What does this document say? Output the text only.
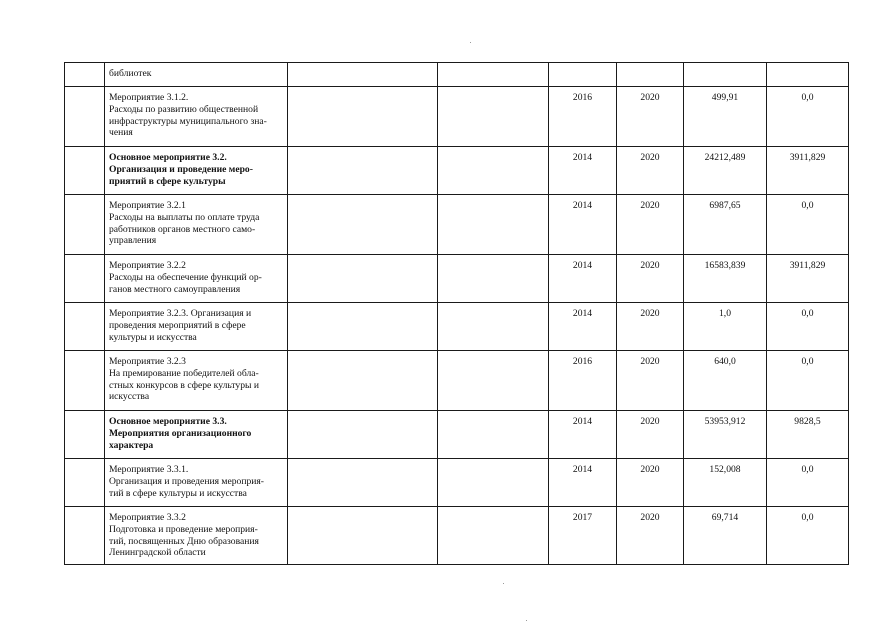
	библиотек						
	Мероприятие 3.1.2.
Расходы по развитию общественной
инфраструктуры муниципального зна-
чения			2016	2020	499,91	0,0
	Основное мероприятие 3.2.
Организация и проведение меро-
приятий в сфере культуры			2014	2020	24212,489	3911,829
	Мероприятие 3.2.1
Расходы на выплаты по оплате труда
работников органов местного само-
управления			2014	2020	6987,65	0,0
	Мероприятие 3.2.2
Расходы на обеспечение функций ор-
ганов местного самоуправления			2014	2020	16583,839	3911,829
	Мероприятие 3.2.3. Организация и
проведения мероприятий в сфере
культуры и искусства			2014	2020	1,0	0,0
	Мероприятие 3.2.3
На премирование победителей обла-
стных конкурсов в сфере культуры и
искусства			2016	2020	640,0	0,0
	Основное мероприятие 3.3.
Мероприятия организационного
характера			2014	2020	53953,912	9828,5
	Мероприятие 3.3.1.
Организация и проведения мероприя-
тий в сфере культуры и искусства			2014	2020	152,008	0,0
	Мероприятие 3.3.2
Подготовка и проведение мероприя-
тий, посвященных Дню образования
Ленинградской области			2017	2020	69,714	0,0
